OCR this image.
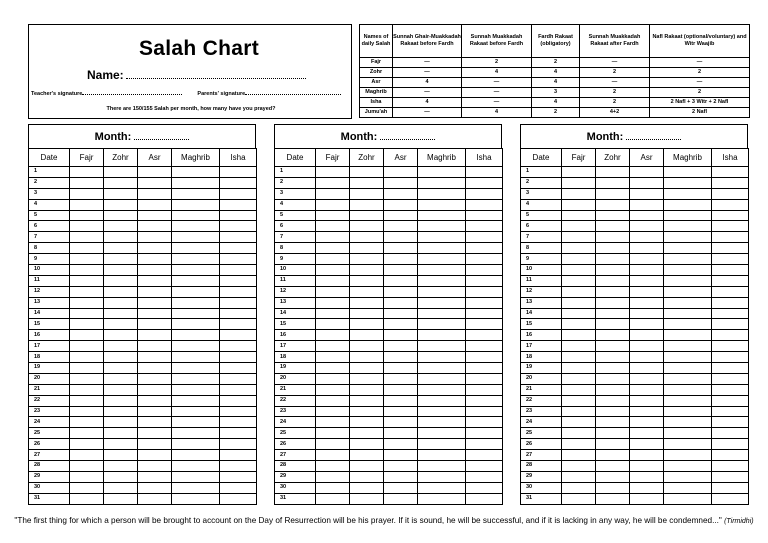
Salah Chart
Name:
Teacher's signature	Parents' signature
There are 150/155 Salah per month, how many have you prayed?
Names of daily Salah	Sunnah Ghair-Muakkadah Rakaat before Fardh	Sunnah Muakkadah Rakaat before Fardh	Fardh Rakaat (obligatory)	Sunnah Muakkadah Rakaat after Fardh	Nafl Rakaat (optional/voluntary) and Witr Waajib
Fajr	—	2	2	—	—
Zohr	—	4	4	2	2
Asr	4	—	4	—	—
Maghrib	—	—	3	2	2
Isha	4	—	4	2	2 Nafl + 3 Witr + 2 Nafl
Jumu'ah	—	4	2	4+2	2 Nafl
Month:
Date	Fajr	Zohr	Asr	Maghrib	Isha
1					
2					
3					
4					
5					
6					
7					
8					
9					
10					
11					
12					
13					
14					
15					
16					
17					
18					
19					
20					
21					
22					
23					
24					
25					
26					
27					
28					
29					
30					
31					
Month:
Date	Fajr	Zohr	Asr	Maghrib	Isha
1					
2					
3					
4					
5					
6					
7					
8					
9					
10					
11					
12					
13					
14					
15					
16					
17					
18					
19					
20					
21					
22					
23					
24					
25					
26					
27					
28					
29					
30					
31					
Month:
Date	Fajr	Zohr	Asr	Maghrib	Isha
1					
2					
3					
4					
5					
6					
7					
8					
9					
10					
11					
12					
13					
14					
15					
16					
17					
18					
19					
20					
21					
22					
23					
24					
25					
26					
27					
28					
29					
30					
31					
"The first thing for which a person will be brought to account on the Day of Resurrection will be his prayer. If it is sound, he will be successful, and if it is lacking in any way, he will be condemned..." (Tirmidhi)
